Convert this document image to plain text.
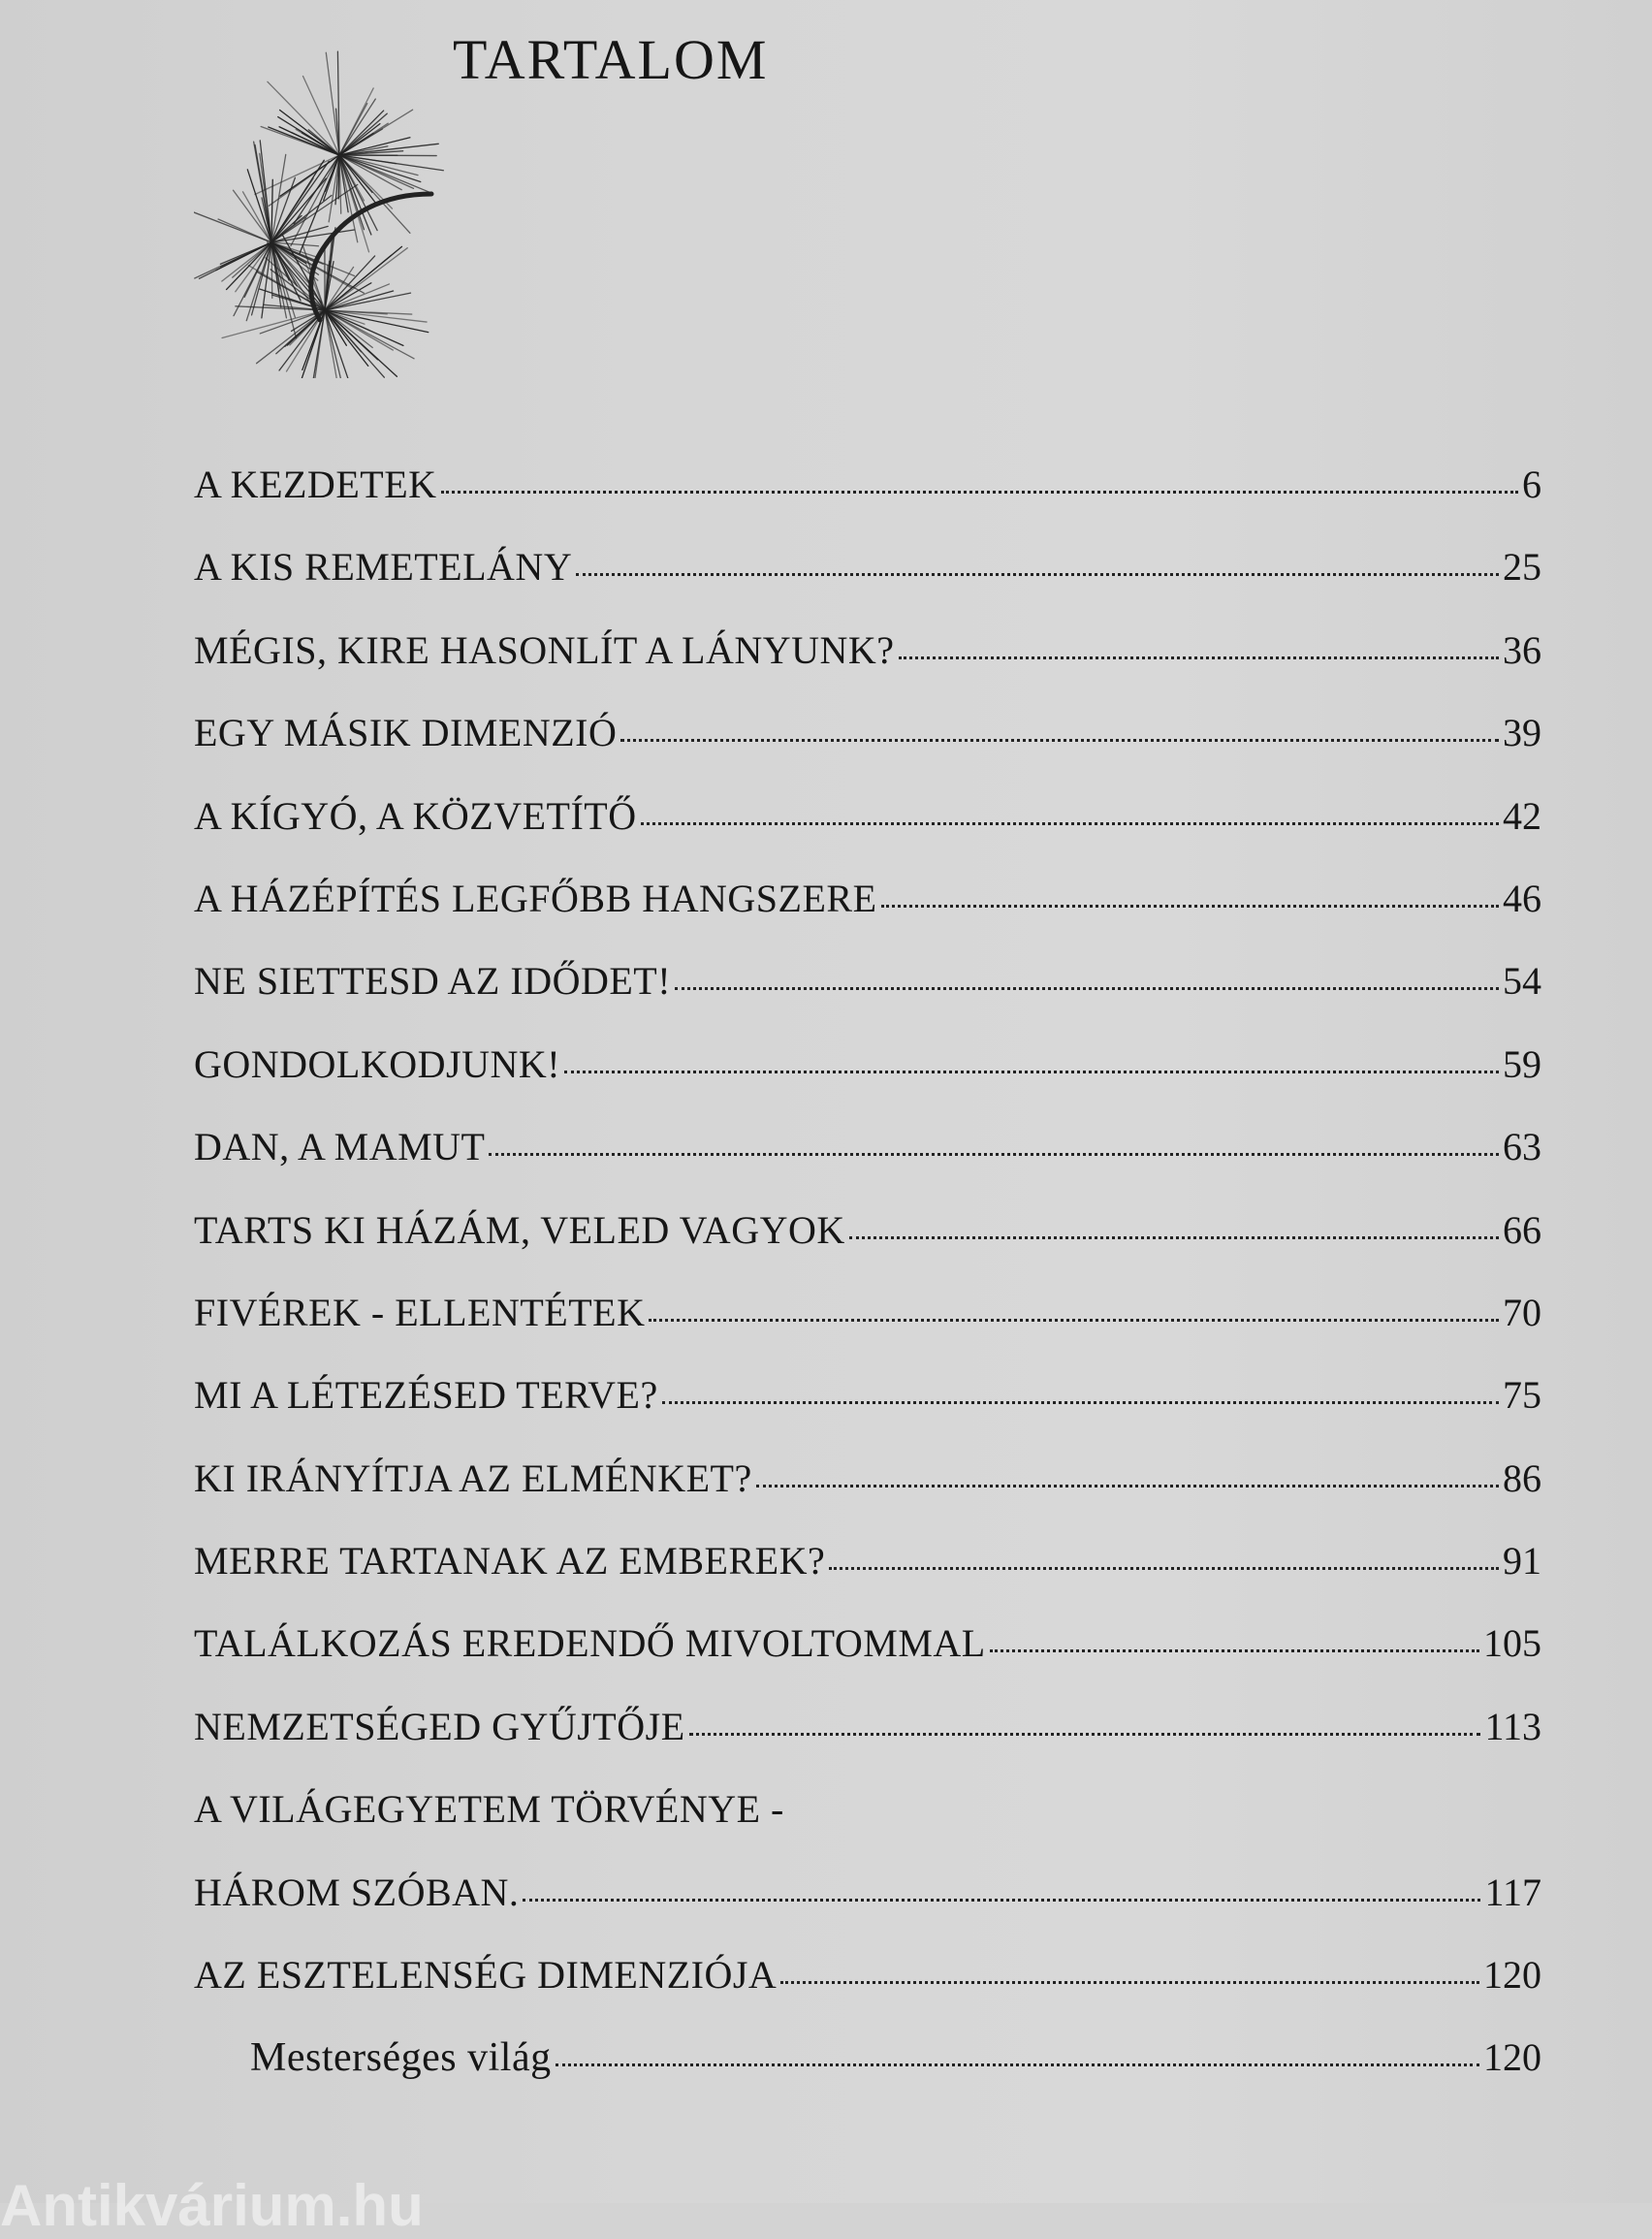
TARTALOM
A KEZDETEK	6
A KIS REMETELÁNY	25
MÉGIS, KIRE HASONLÍT A LÁNYUNK?	36
EGY MÁSIK DIMENZIÓ	39
A KÍGYÓ, A KÖZVETÍTŐ	42
A HÁZÉPÍTÉS LEGFŐBB HANGSZERE	46
NE SIETTESD AZ IDŐDET!	54
GONDOLKODJUNK!	59
DAN, A MAMUT	63
TARTS KI HÁZÁM, VELED VAGYOK	66
FIVÉREK - ELLENTÉTEK	70
MI A LÉTEZÉSED TERVE?	75
KI IRÁNYÍTJA AZ ELMÉNKET?	86
MERRE TARTANAK AZ EMBEREK?	91
TALÁLKOZÁS EREDENDŐ MIVOLTOMMAL	105
NEMZETSÉGED GYŰJTŐJE	113
A VILÁGEGYETEM TÖRVÉNYE -
HÁROM SZÓBAN.	117
AZ ESZTELENSÉG DIMENZIÓJA	120
Mesterséges világ	120
Antikvárium.hu
